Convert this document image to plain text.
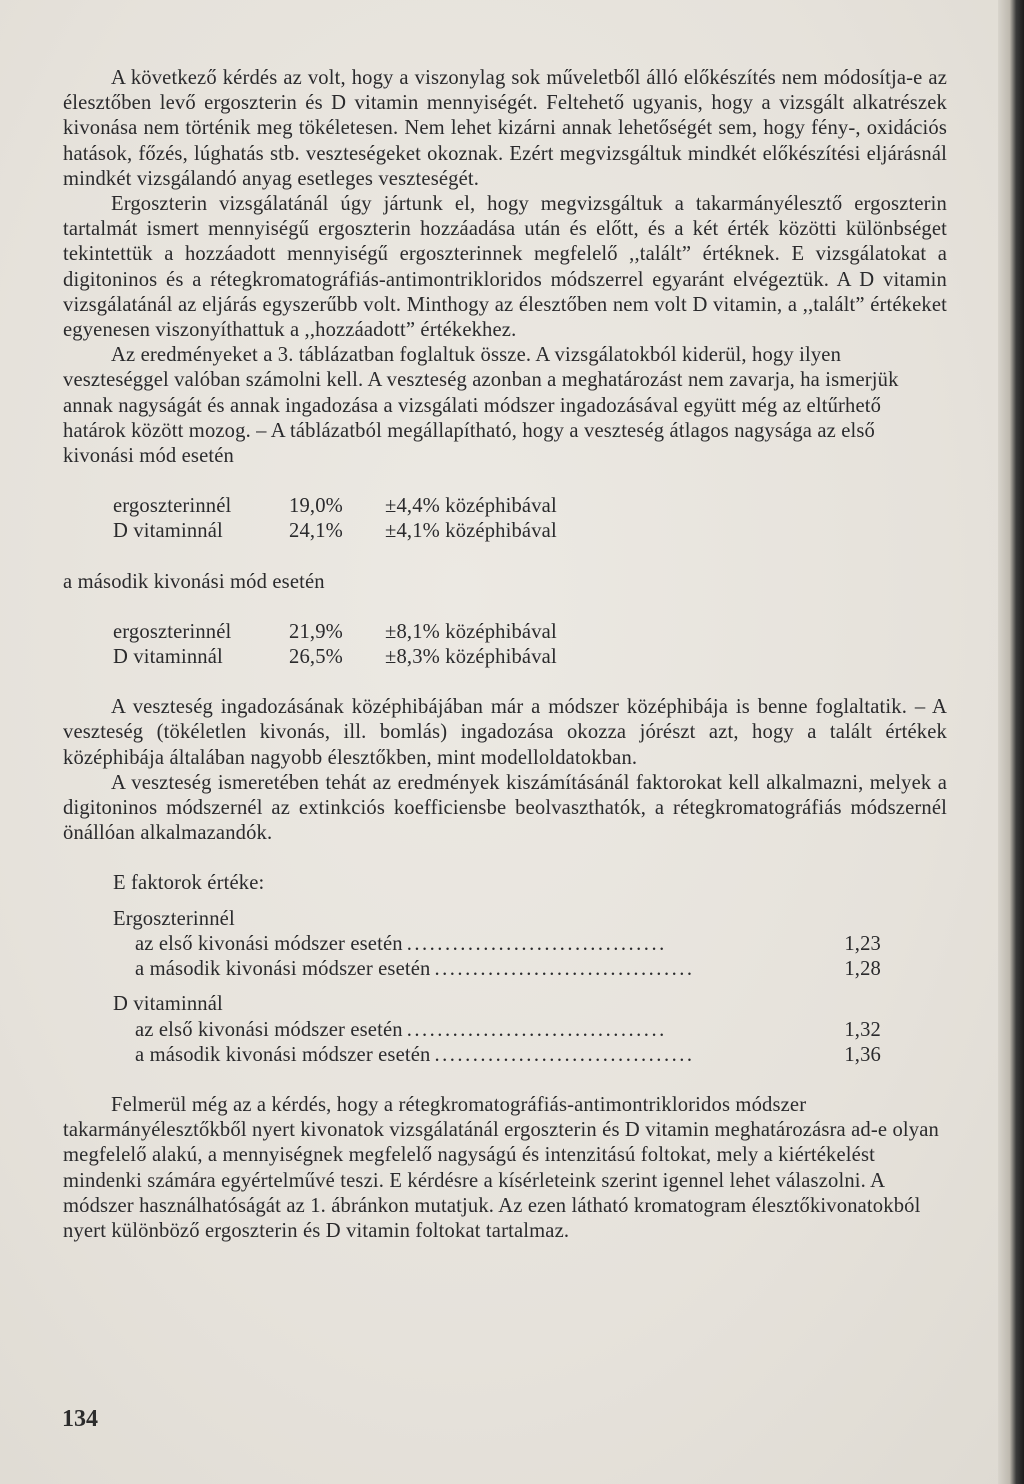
A következő kérdés az volt, hogy a viszonylag sok műveletből álló előkészítés nem módosítja-e az élesztőben levő ergoszterin és D vitamin mennyiségét. Feltehető ugyanis, hogy a vizsgált alkatrészek kivonása nem történik meg tökéletesen. Nem lehet kizárni annak lehetőségét sem, hogy fény-, oxidációs hatások, főzés, lúghatás stb. veszteségeket okoznak. Ezért megvizsgáltuk mindkét előkészítési eljárásnál mindkét vizsgálandó anyag esetleges veszteségét.

Ergoszterin vizsgálatánál úgy jártunk el, hogy megvizsgáltuk a takarmányélesztő ergoszterin tartalmát ismert mennyiségű ergoszterin hozzáadása után és előtt, és a két érték közötti különbséget tekintettük a hozzáadott mennyiségű ergoszterinnek megfelelő ,,talált” értéknek. E vizsgálatokat a digitoninos és a rétegkromatográfiás-antimontrikloridos módszerrel egyaránt elvégeztük. A D vitamin vizsgálatánál az eljárás egyszerűbb volt. Minthogy az élesztőben nem volt D vitamin, a ,,talált” értékeket egyenesen viszonyíthattuk a ,,hozzáadott” értékekhez.

Az eredményeket a 3. táblázatban foglaltuk össze. A vizsgálatokból kiderül, hogy ilyen veszteséggel valóban számolni kell. A veszteség azonban a meghatározást nem zavarja, ha ismerjük annak nagyságát és annak ingadozása a vizsgálati módszer ingadozásával együtt még az eltűrhető határok között mozog. – A táblázatból megállapítható, hogy a veszteség átlagos nagysága az első kivonási mód esetén

ergoszterinnél	19,0%	±4,4% középhibával
D vitaminnál	24,1%	±4,1% középhibával

a második kivonási mód esetén

ergoszterinnél	21,9%	±8,1% középhibával
D vitaminnál	26,5%	±8,3% középhibával

A veszteség ingadozásának középhibájában már a módszer középhibája is benne foglaltatik. – A veszteség (tökéletlen kivonás, ill. bomlás) ingadozása okozza jórészt azt, hogy a talált értékek középhibája általában nagyobb élesztőkben, mint modelloldatokban.

A veszteség ismeretében tehát az eredmények kiszámításánál faktorokat kell alkalmazni, melyek a digitoninos módszernél az extinkciós koefficiensbe beolvaszthatók, a rétegkromatográfiás módszernél önállóan alkalmazandók.

E faktorok értéke:

Ergoszterinnél

az első kivonási módszer esetén ..................................	1,23
a második kivonási módszer esetén ..................................	1,28

D vitaminnál

az első kivonási módszer esetén ..................................	1,32
a második kivonási módszer esetén ..................................	1,36

Felmerül még az a kérdés, hogy a rétegkromatográfiás-antimontrikloridos módszer takarmányélesztőkből nyert kivonatok vizsgálatánál ergoszterin és D vitamin meghatározásra ad-e olyan megfelelő alakú, a mennyiségnek megfelelő nagyságú és intenzitású foltokat, mely a kiértékelést mindenki számára egyértelművé teszi. E kérdésre a kísérleteink szerint igennel lehet válaszolni. A módszer használhatóságát az 1. ábránkon mutatjuk. Az ezen látható kromatogram élesztőkivonatokból nyert különböző ergoszterin és D vitamin foltokat tartalmaz.

134
